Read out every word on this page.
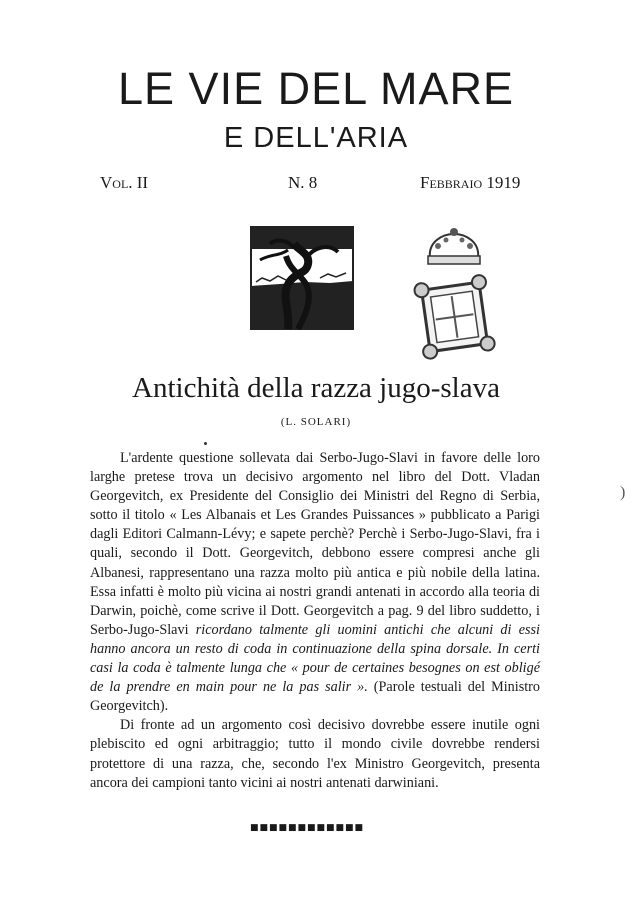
LE VIE DEL MARE
E DELL'ARIA
Vol. II	N. 8	Febbraio 1919
Antichità della razza jugo-slava
(L. SOLARI)

L'ardente questione sollevata dai Serbo-Jugo-Slavi in favore delle loro larghe pretese trova un decisivo argomento nel libro del Dott. Vladan Georgevitch, ex Presidente del Consiglio dei Ministri del Regno di Serbia, sotto il titolo « Les Albanais et Les Grandes Puissances » pubblicato a Parigi dagli Editori Calmann-Lévy; e sapete perchè? Perchè i Serbo-Jugo-Slavi, fra i quali, secondo il Dott. Georgevitch, debbono essere compresi anche gli Albanesi, rappresentano una razza molto più antica e più nobile della latina. Essa infatti è molto più vicina ai nostri grandi antenati in accordo alla teoria di Darwin, poichè, come scrive il Dott. Georgevitch a pag. 9 del libro suddetto, i Serbo-Jugo-Slavi ricordano talmente gli uomini antichi che alcuni di essi hanno ancora un resto di coda in continuazione della spina dorsale. In certi casi la coda è talmente lunga che « pour de certaines besognes on est obligé de la prendre en main pour ne la pas salir ». (Parole testuali del Ministro Georgevitch).

Di fronte ad un argomento così decisivo dovrebbe essere inutile ogni plebiscito ed ogni arbitraggio; tutto il mondo civile dovrebbe rendersi protettore di una razza, che, secondo l'ex Ministro Georgevitch, presenta ancora dei campioni tanto vicini ai nostri antenati darwiniani.

■■■■■■■■■■■■
)
